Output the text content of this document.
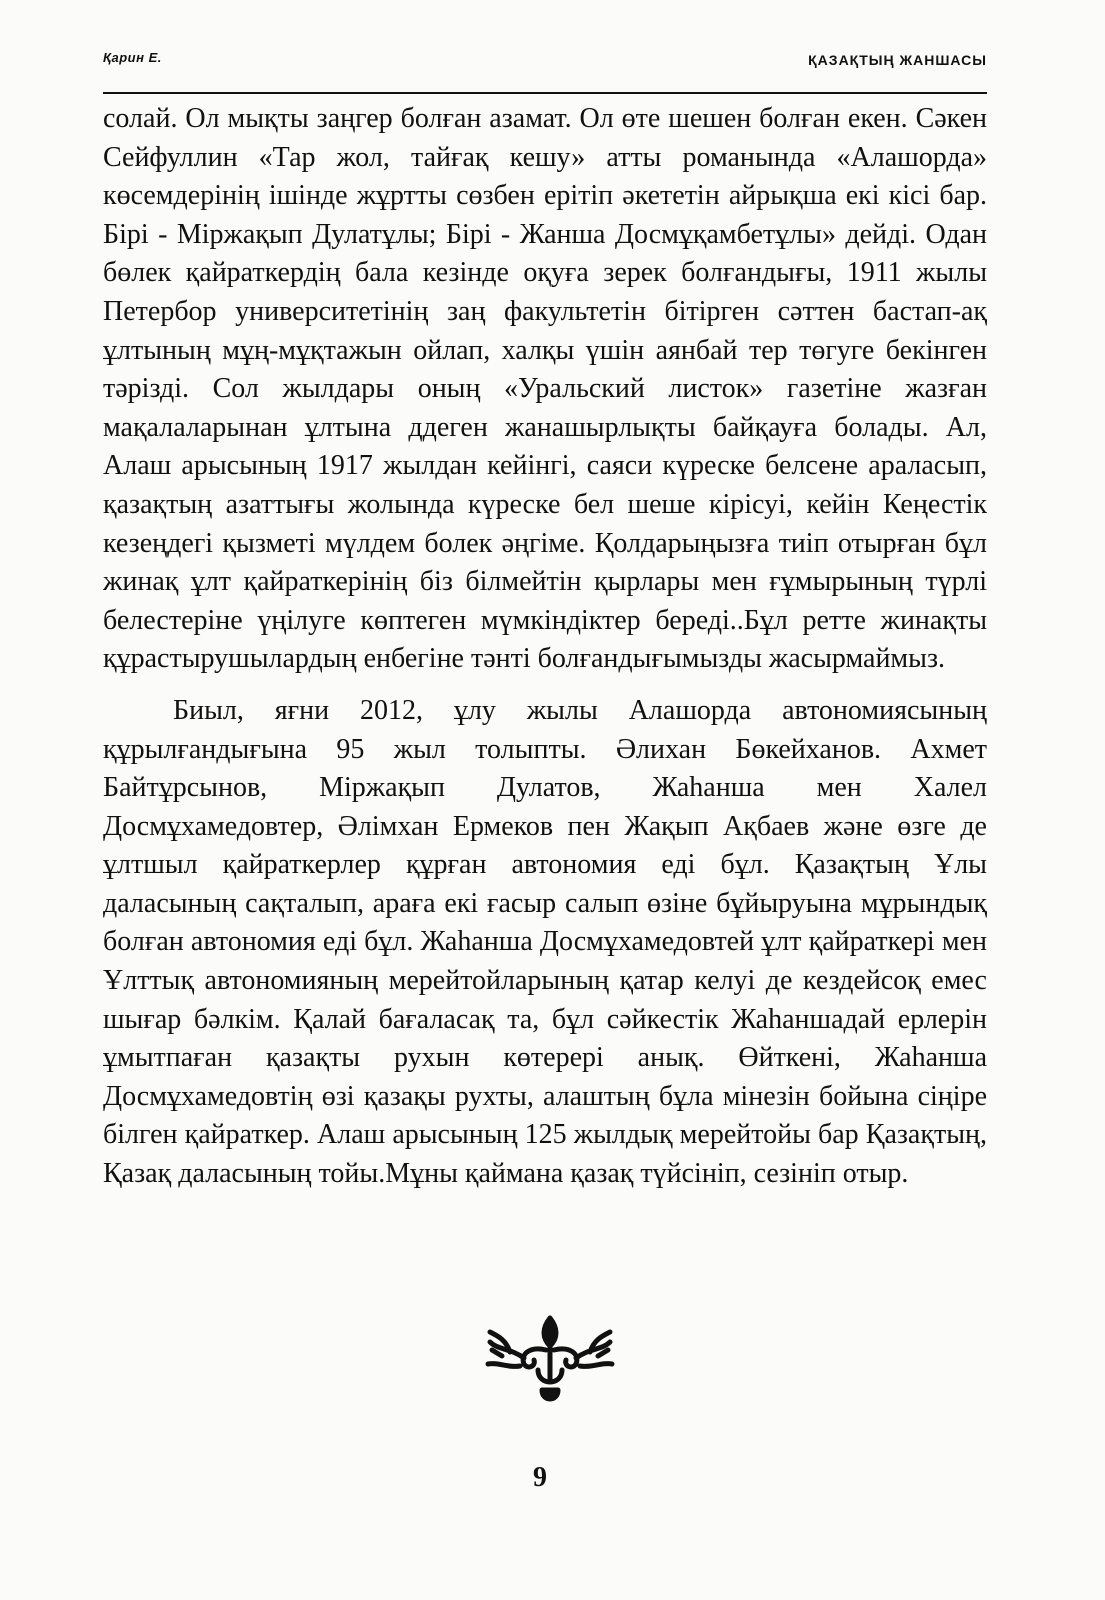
Қарин Е.	ҚАЗАҚТЫҢ ЖАНШАСЫ

солай. Ол мықты заңгер болған азамат. Ол өте шешен болған екен. Сәкен Сейфуллин «Тар жол, тайғақ кешу» атты романында «Алашорда» көсемдерінің ішінде жұртты сөзбен ерітіп әкететін айрықша екі кісі бар. Бірі - Міржақып Дулатұлы; Бірі - Жанша Досмұқамбетұлы» дейді. Одан бөлек қайраткердің бала кезінде оқуға зерек болғандығы, 1911 жылы Петербор университетінің заң факультетін бітірген сәттен бастап-ақ ұлтының мұң-мұқтажын ойлап, халқы үшін аянбай тер төгуге бекінген тәрізді. Сол жылдары оның «Уральский листок» газетіне жазған мақалаларынан ұлтына ддеген жанашырлықты байқауға болады. Ал, Алаш арысының 1917 жылдан кейінгі, саяси күреске белсене араласып, қазақтың азаттығы жолында күреске бел шеше кірісуі, кейін Кеңестік кезеңдегі қызметі мүлдем болек әңгіме. Қолдарыңызға тиіп отырған бұл жинақ ұлт қайраткерінің біз білмейтін қырлары мен ғұмырының түрлі белестеріне үңілуге көптеген мүмкіндіктер береді..Бұл ретте жинақты құрастырушылардың енбегіне тәнті болғандығымызды жасырмаймыз.

Биыл, яғни 2012, ұлу жылы Алашорда автономиясының құрылғандығына 95 жыл толыпты. Әлихан Бөкейханов. Ахмет Байтұрсынов, Міржақып Дулатов, Жаһанша мен Халел Досмұхамедовтер, Әлімхан Ермеков пен Жақып Ақбаев және өзге де ұлтшыл қайраткерлер құрған автономия еді бұл. Қазақтың Ұлы даласының сақталып, араға екі ғасыр салып өзіне бұйыруына мұрындық болған автономия еді бұл. Жаһанша Досмұхамедовтей ұлт қайраткері мен Ұлттық автономияның мерейтойларының қатар келуі де кездейсоқ емес шығар бәлкім. Қалай бағаласақ та, бұл сәйкестік Жаһаншадай ерлерін ұмытпаған қазақты рухын көтерері анық. Өйткені, Жаһанша Досмұхамедовтің өзі қазақы рухты, алаштың бұла мінезін бойына сіңіре білген қайраткер. Алаш арысының 125 жылдық мерейтойы бар Қазақтың, Қазақ даласының тойы.Мұны қаймана қазақ түйсініп, сезініп отыр.

9
